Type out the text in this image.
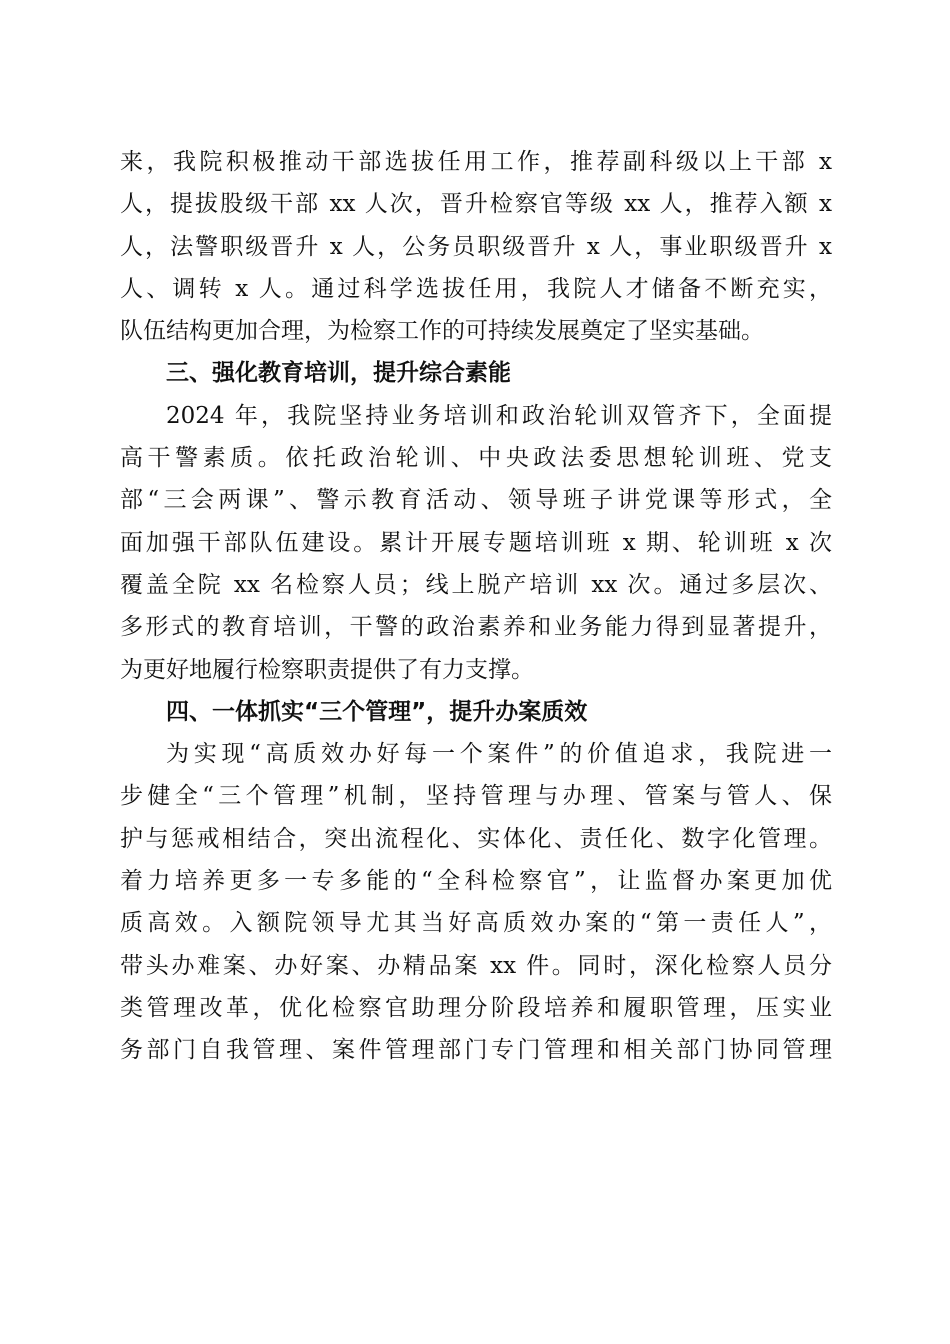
来，我院积极推动干部选拔任用工作，推荐副科级以上干部 x
人，提拔股级干部 xx 人次，晋升检察官等级 xx 人，推荐入额 x
人，法警职级晋升 x 人，公务员职级晋升 x 人，事业职级晋升 x
人、调转 x 人。通过科学选拔任用，我院人才储备不断充实，
队伍结构更加合理，为检察工作的可持续发展奠定了坚实基础。
三、强化教育培训，提升综合素能
2024 年，我院坚持业务培训和政治轮训双管齐下，全面提
高干警素质。依托政治轮训、中央政法委思想轮训班、党支
部“三会两课”、警示教育活动、领导班子讲党课等形式，全
面加强干部队伍建设。累计开展专题培训班 x 期、轮训班 x 次
覆盖全院 xx 名检察人员；线上脱产培训 xx 次。通过多层次、
多形式的教育培训，干警的政治素养和业务能力得到显著提升，
为更好地履行检察职责提供了有力支撑。
四、一体抓实“三个管理”，提升办案质效
为实现“高质效办好每一个案件”的价值追求，我院进一
步健全“三个管理”机制，坚持管理与办理、管案与管人、保
护与惩戒相结合，突出流程化、实体化、责任化、数字化管理。
着力培养更多一专多能的“全科检察官”，让监督办案更加优
质高效。入额院领导尤其当好高质效办案的“第一责任人”，
带头办难案、办好案、办精品案 xx 件。同时，深化检察人员分
类管理改革，优化检察官助理分阶段培养和履职管理，压实业
务部门自我管理、案件管理部门专门管理和相关部门协同管理
